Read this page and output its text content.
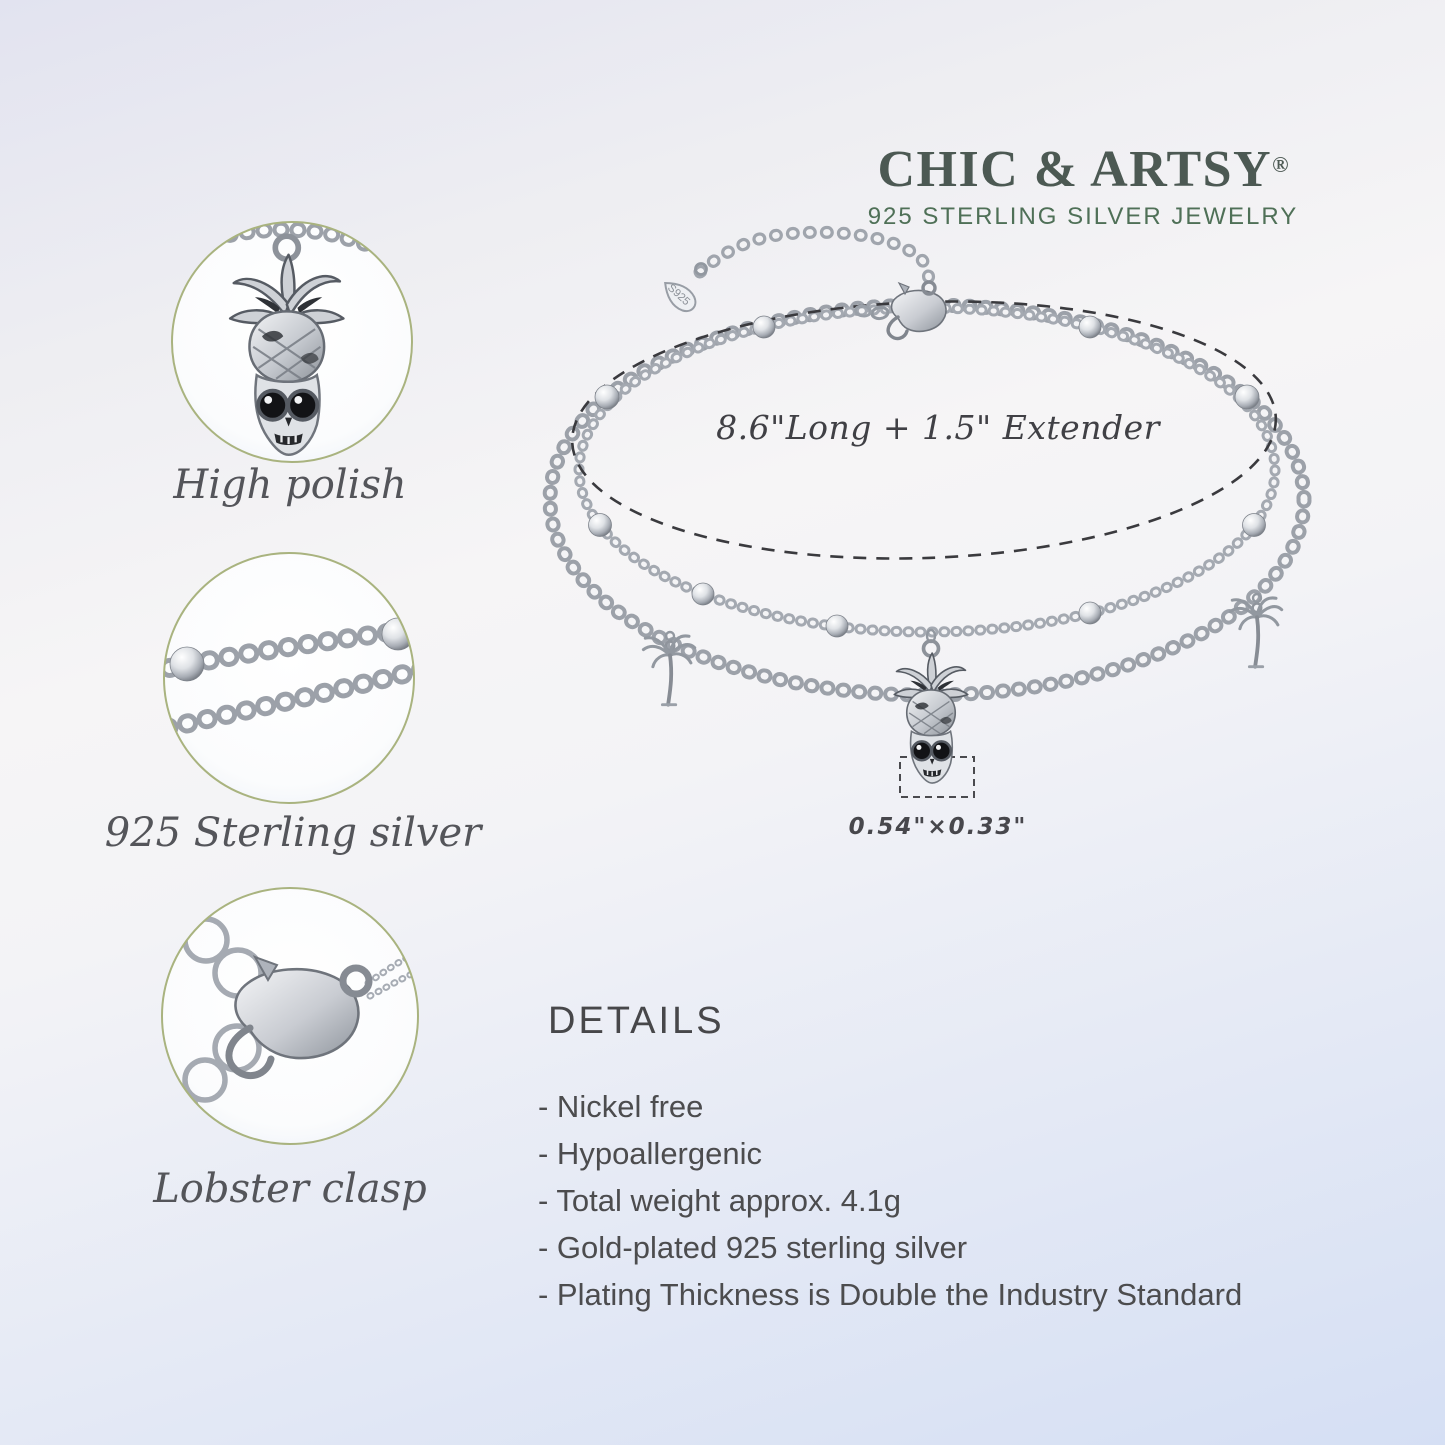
S925
CHIC & ARTSY®
925 STERLING SILVER JEWELRY
8.6"Long + 1.5" Extender
0.54"×0.33"
High polish
925 Sterling silver
Lobster clasp
DETAILS
- Nickel free
- Hypoallergenic
- Total weight approx. 4.1g
- Gold-plated 925 sterling silver
- Plating Thickness is Double the Industry Standard
